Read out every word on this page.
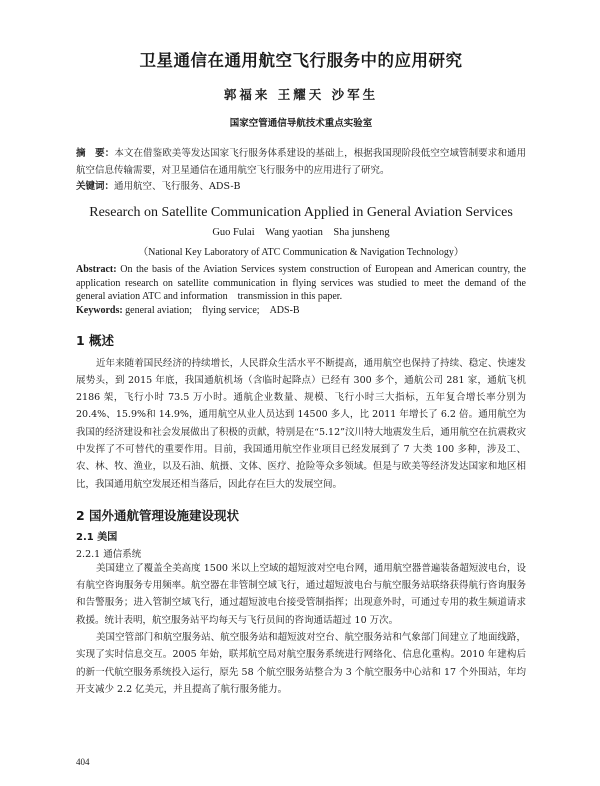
卫星通信在通用航空飞行服务中的应用研究
郭福来 王耀天 沙军生
国家空管通信导航技术重点实验室
摘　要：本文在借鉴欧美等发达国家飞行服务体系建设的基础上，根据我国现阶段低空空域管制要求和通用航空信息传输需要，对卫星通信在通用航空飞行服务中的应用进行了研究。
关键词：通用航空、飞行服务、ADS-B
Research on Satellite Communication Applied in General Aviation Services
Guo Fulai　Wang yaotian　Sha junsheng
（National Key Laboratory of ATC Communication & Navigation Technology）
Abstract: On the basis of the Aviation Services system construction of European and American country, the application research on satellite communication in flying services was studied to meet the demand of the general aviation ATC and information　transmission in this paper.
Keywords: general aviation;　flying service;　ADS-B
1 概述

近年来随着国民经济的持续增长，人民群众生活水平不断提高，通用航空也保持了持续、稳定、快速发展势头，到 2015 年底，我国通航机场（含临时起降点）已经有 300 多个，通航公司 281 家，通航飞机 2186 架，飞行小时 73.5 万小时。通航企业数量、规模、飞行小时三大指标，五年复合增长率分别为 20.4%、15.9%和 14.9%，通用航空从业人员达到 14500 多人，比 2011 年增长了 6.2 倍。通用航空为我国的经济建设和社会发展做出了积极的贡献，特别是在“5.12”汶川特大地震发生后，通用航空在抗震救灾中发挥了不可替代的重要作用。目前，我国通用航空作业项目已经发展到了 7 大类 100 多种，涉及工、农、林、牧、渔业，以及石油、航摄、文体、医疗、抢险等众多领域。但是与欧美等经济发达国家和地区相比，我国通用航空发展还相当落后，因此存在巨大的发展空间。

2 国外通航管理设施建设现状
2.1 美国
2.2.1 通信系统

美国建立了覆盖全美高度 1500 米以上空域的超短波对空电台网，通用航空器普遍装备超短波电台，设有航空咨询服务专用频率。航空器在非管制空域飞行，通过超短波电台与航空服务站联络获得航行咨询服务和告警服务；进入管制空域飞行，通过超短波电台接受管制指挥；出现意外时，可通过专用的救生频道请求救援。统计表明，航空服务站平均每天与飞行员间的咨询通话超过 10 万次。

美国空管部门和航空服务站、航空服务站和超短波对空台、航空服务站和气象部门间建立了地面线路，实现了实时信息交互。2005 年始，联邦航空局对航空服务系统进行网络化、信息化重构。2010 年建构后的新一代航空服务系统投入运行，原先 58 个航空服务站整合为 3 个航空服务中心站和 17 个外围站，年均开支减少 2.2 亿美元，并且提高了航行服务能力。

404
